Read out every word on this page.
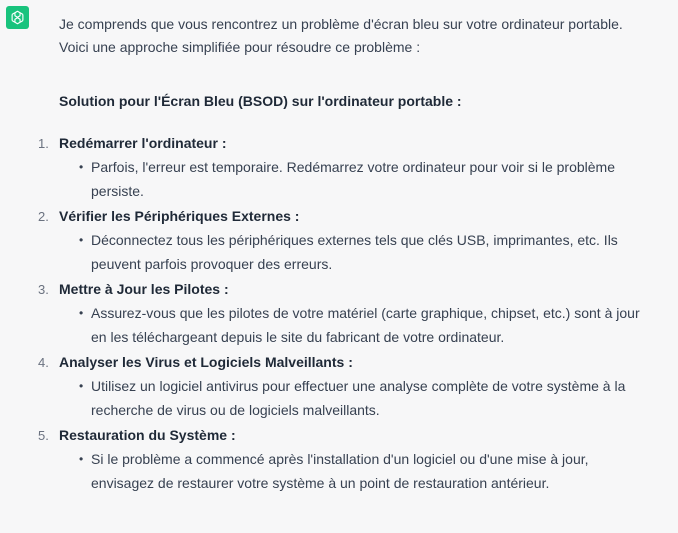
Je comprends que vous rencontrez un problème d'écran bleu sur votre ordinateur portable.
Voici une approche simplifiée pour résoudre ce problème :
Solution pour l'Écran Bleu (BSOD) sur l'ordinateur portable :
1. Redémarrer l'ordinateur :
• Parfois, l'erreur est temporaire. Redémarrez votre ordinateur pour voir si le problème
persiste.
2. Vérifier les Périphériques Externes :
• Déconnectez tous les périphériques externes tels que clés USB, imprimantes, etc. Ils
peuvent parfois provoquer des erreurs.
3. Mettre à Jour les Pilotes :
• Assurez-vous que les pilotes de votre matériel (carte graphique, chipset, etc.) sont à jour
en les téléchargeant depuis le site du fabricant de votre ordinateur.
4. Analyser les Virus et Logiciels Malveillants :
• Utilisez un logiciel antivirus pour effectuer une analyse complète de votre système à la
recherche de virus ou de logiciels malveillants.
5. Restauration du Système :
• Si le problème a commencé après l'installation d'un logiciel ou d'une mise à jour,
envisagez de restaurer votre système à un point de restauration antérieur.
